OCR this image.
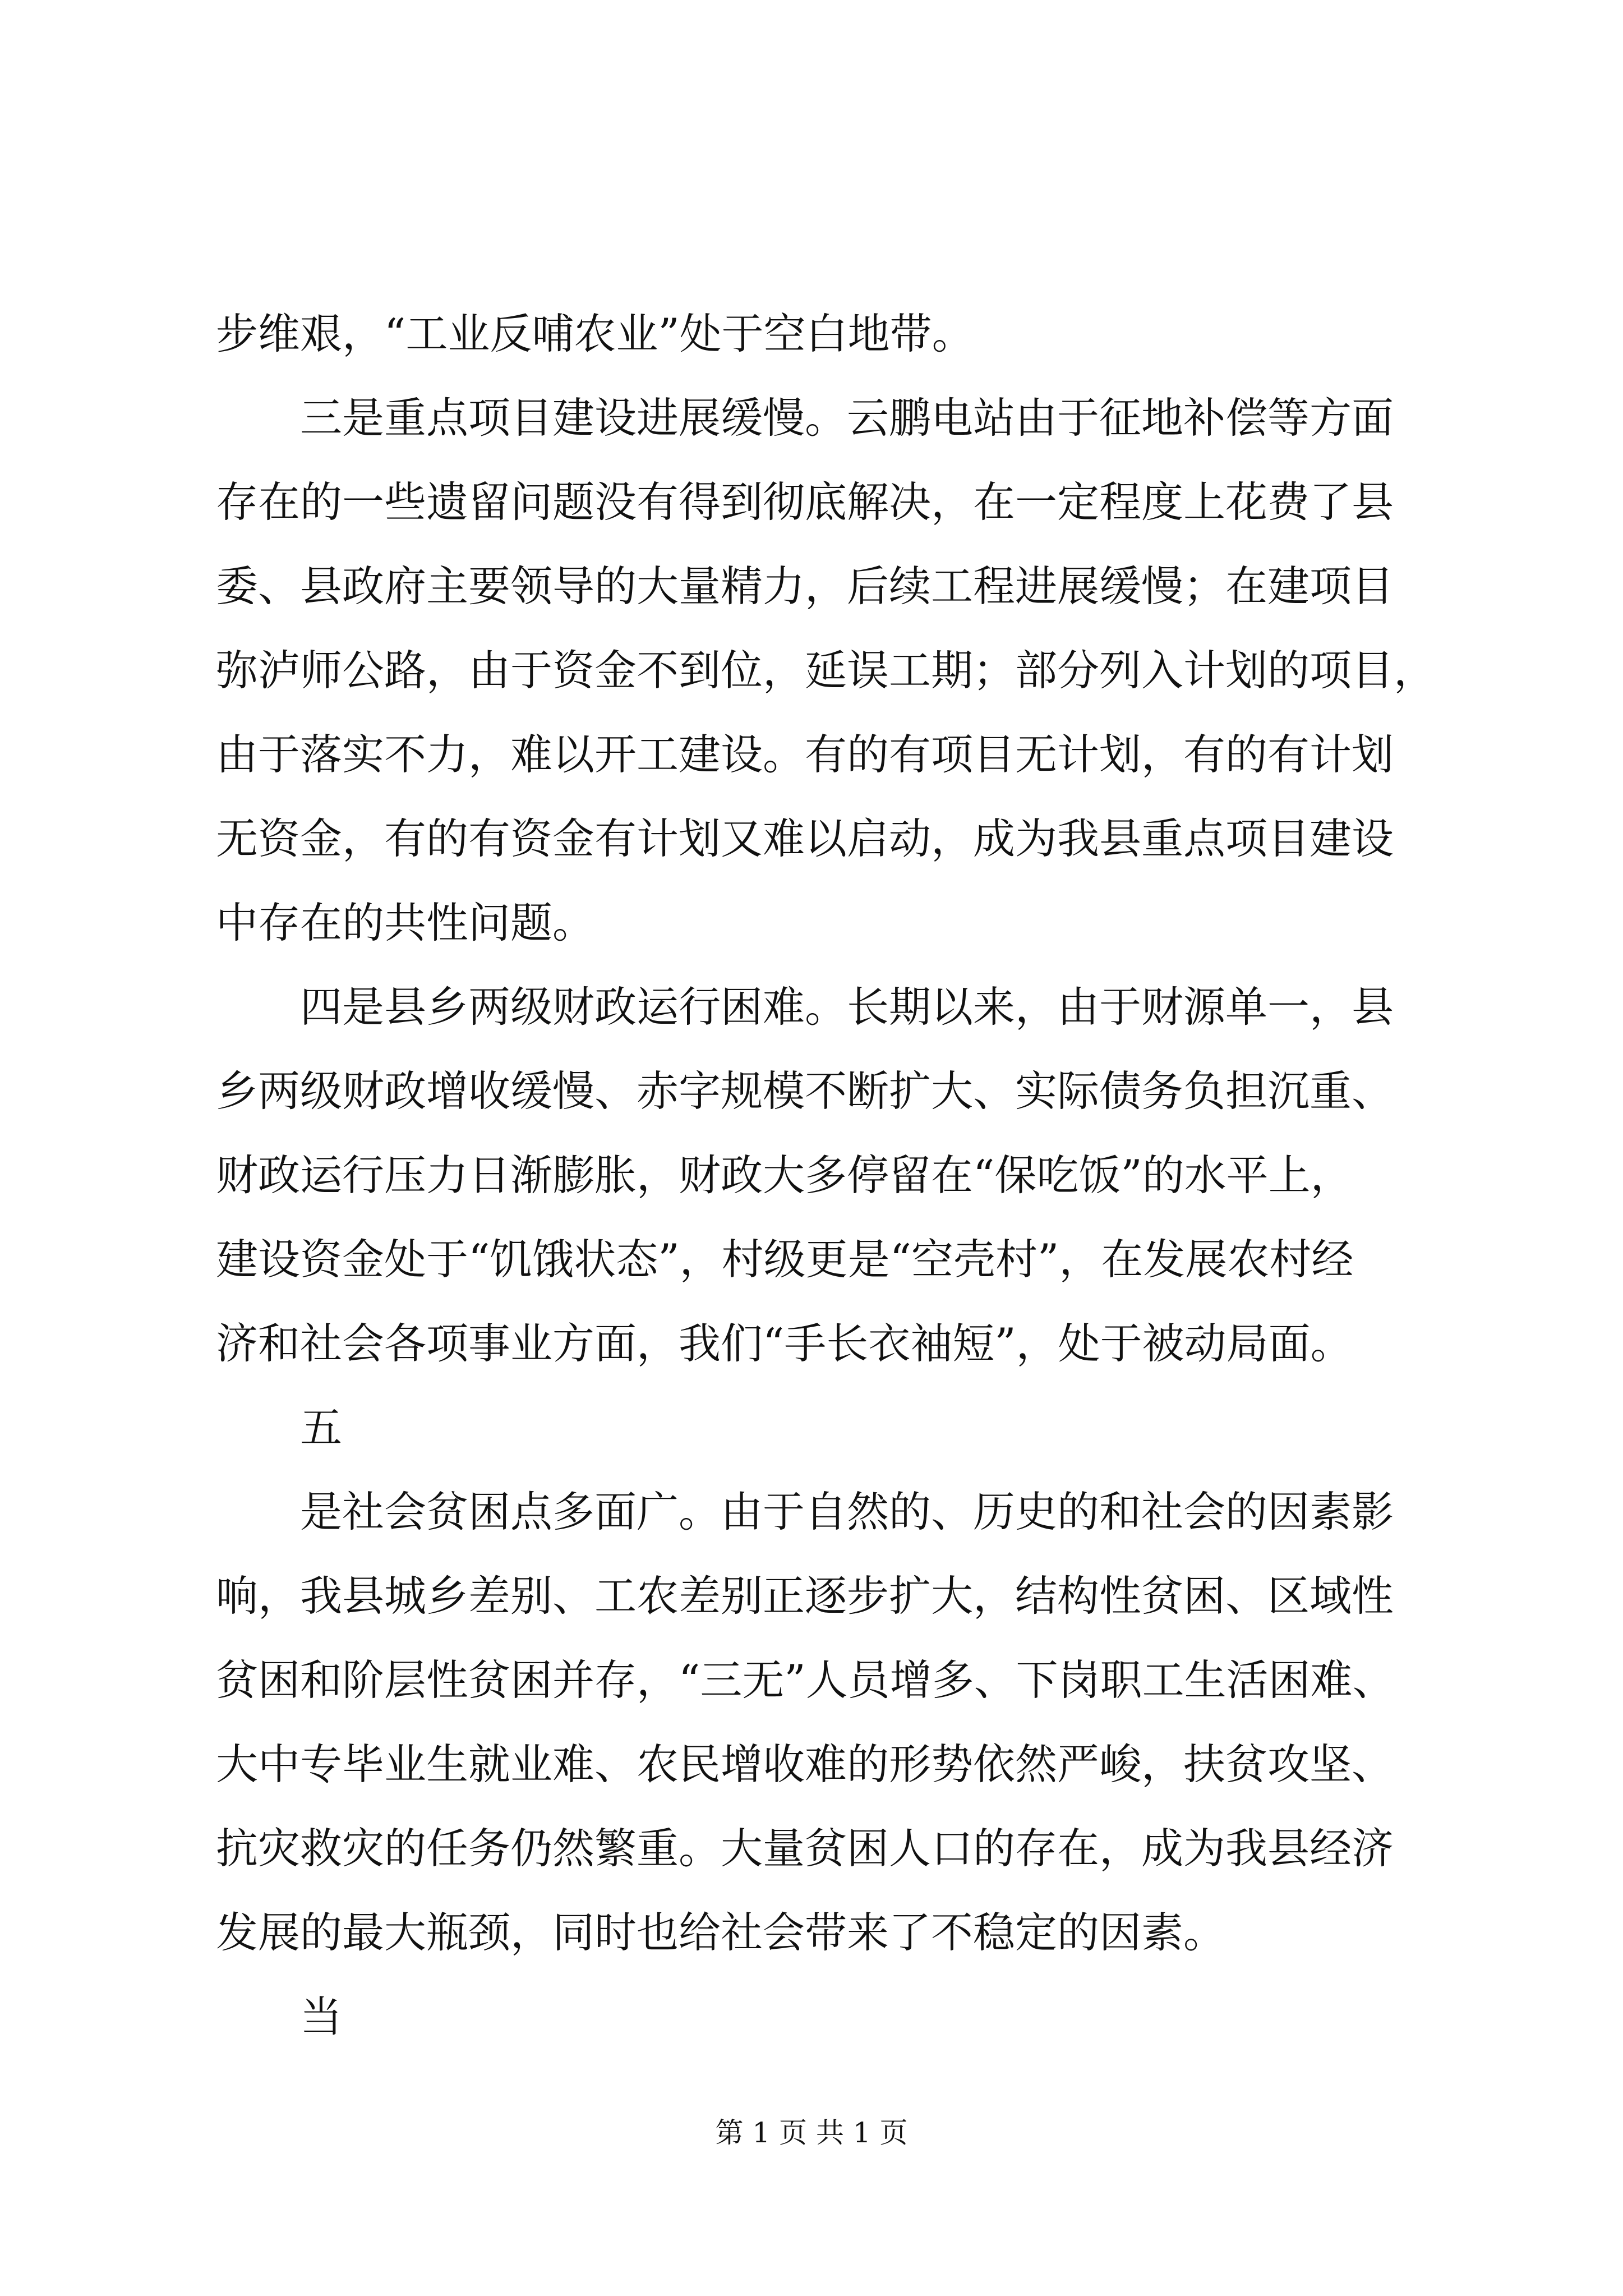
步维艰，“工业反哺农业”处于空白地带。
　　三是重点项目建设进展缓慢。云鹏电站由于征地补偿等方面
存在的一些遗留问题没有得到彻底解决，在一定程度上花费了县
委、县政府主要领导的大量精力，后续工程进展缓慢；在建项目
弥泸师公路，由于资金不到位，延误工期；部分列入计划的项目，
由于落实不力，难以开工建设。有的有项目无计划，有的有计划
无资金，有的有资金有计划又难以启动，成为我县重点项目建设
中存在的共性问题。
　　四是县乡两级财政运行困难。长期以来，由于财源单一，县
乡两级财政增收缓慢、赤字规模不断扩大、实际债务负担沉重、
财政运行压力日渐膨胀，财政大多停留在“保吃饭”的水平上，
建设资金处于“饥饿状态”，村级更是“空壳村”，在发展农村经
济和社会各项事业方面，我们“手长衣袖短”，处于被动局面。
　　五
　　是社会贫困点多面广。由于自然的、历史的和社会的因素影
响，我县城乡差别、工农差别正逐步扩大，结构性贫困、区域性
贫困和阶层性贫困并存，“三无”人员增多、下岗职工生活困难、
大中专毕业生就业难、农民增收难的形势依然严峻，扶贫攻坚、
抗灾救灾的任务仍然繁重。大量贫困人口的存在，成为我县经济
发展的最大瓶颈，同时也给社会带来了不稳定的因素。
　　当
第 1 页 共 1 页
